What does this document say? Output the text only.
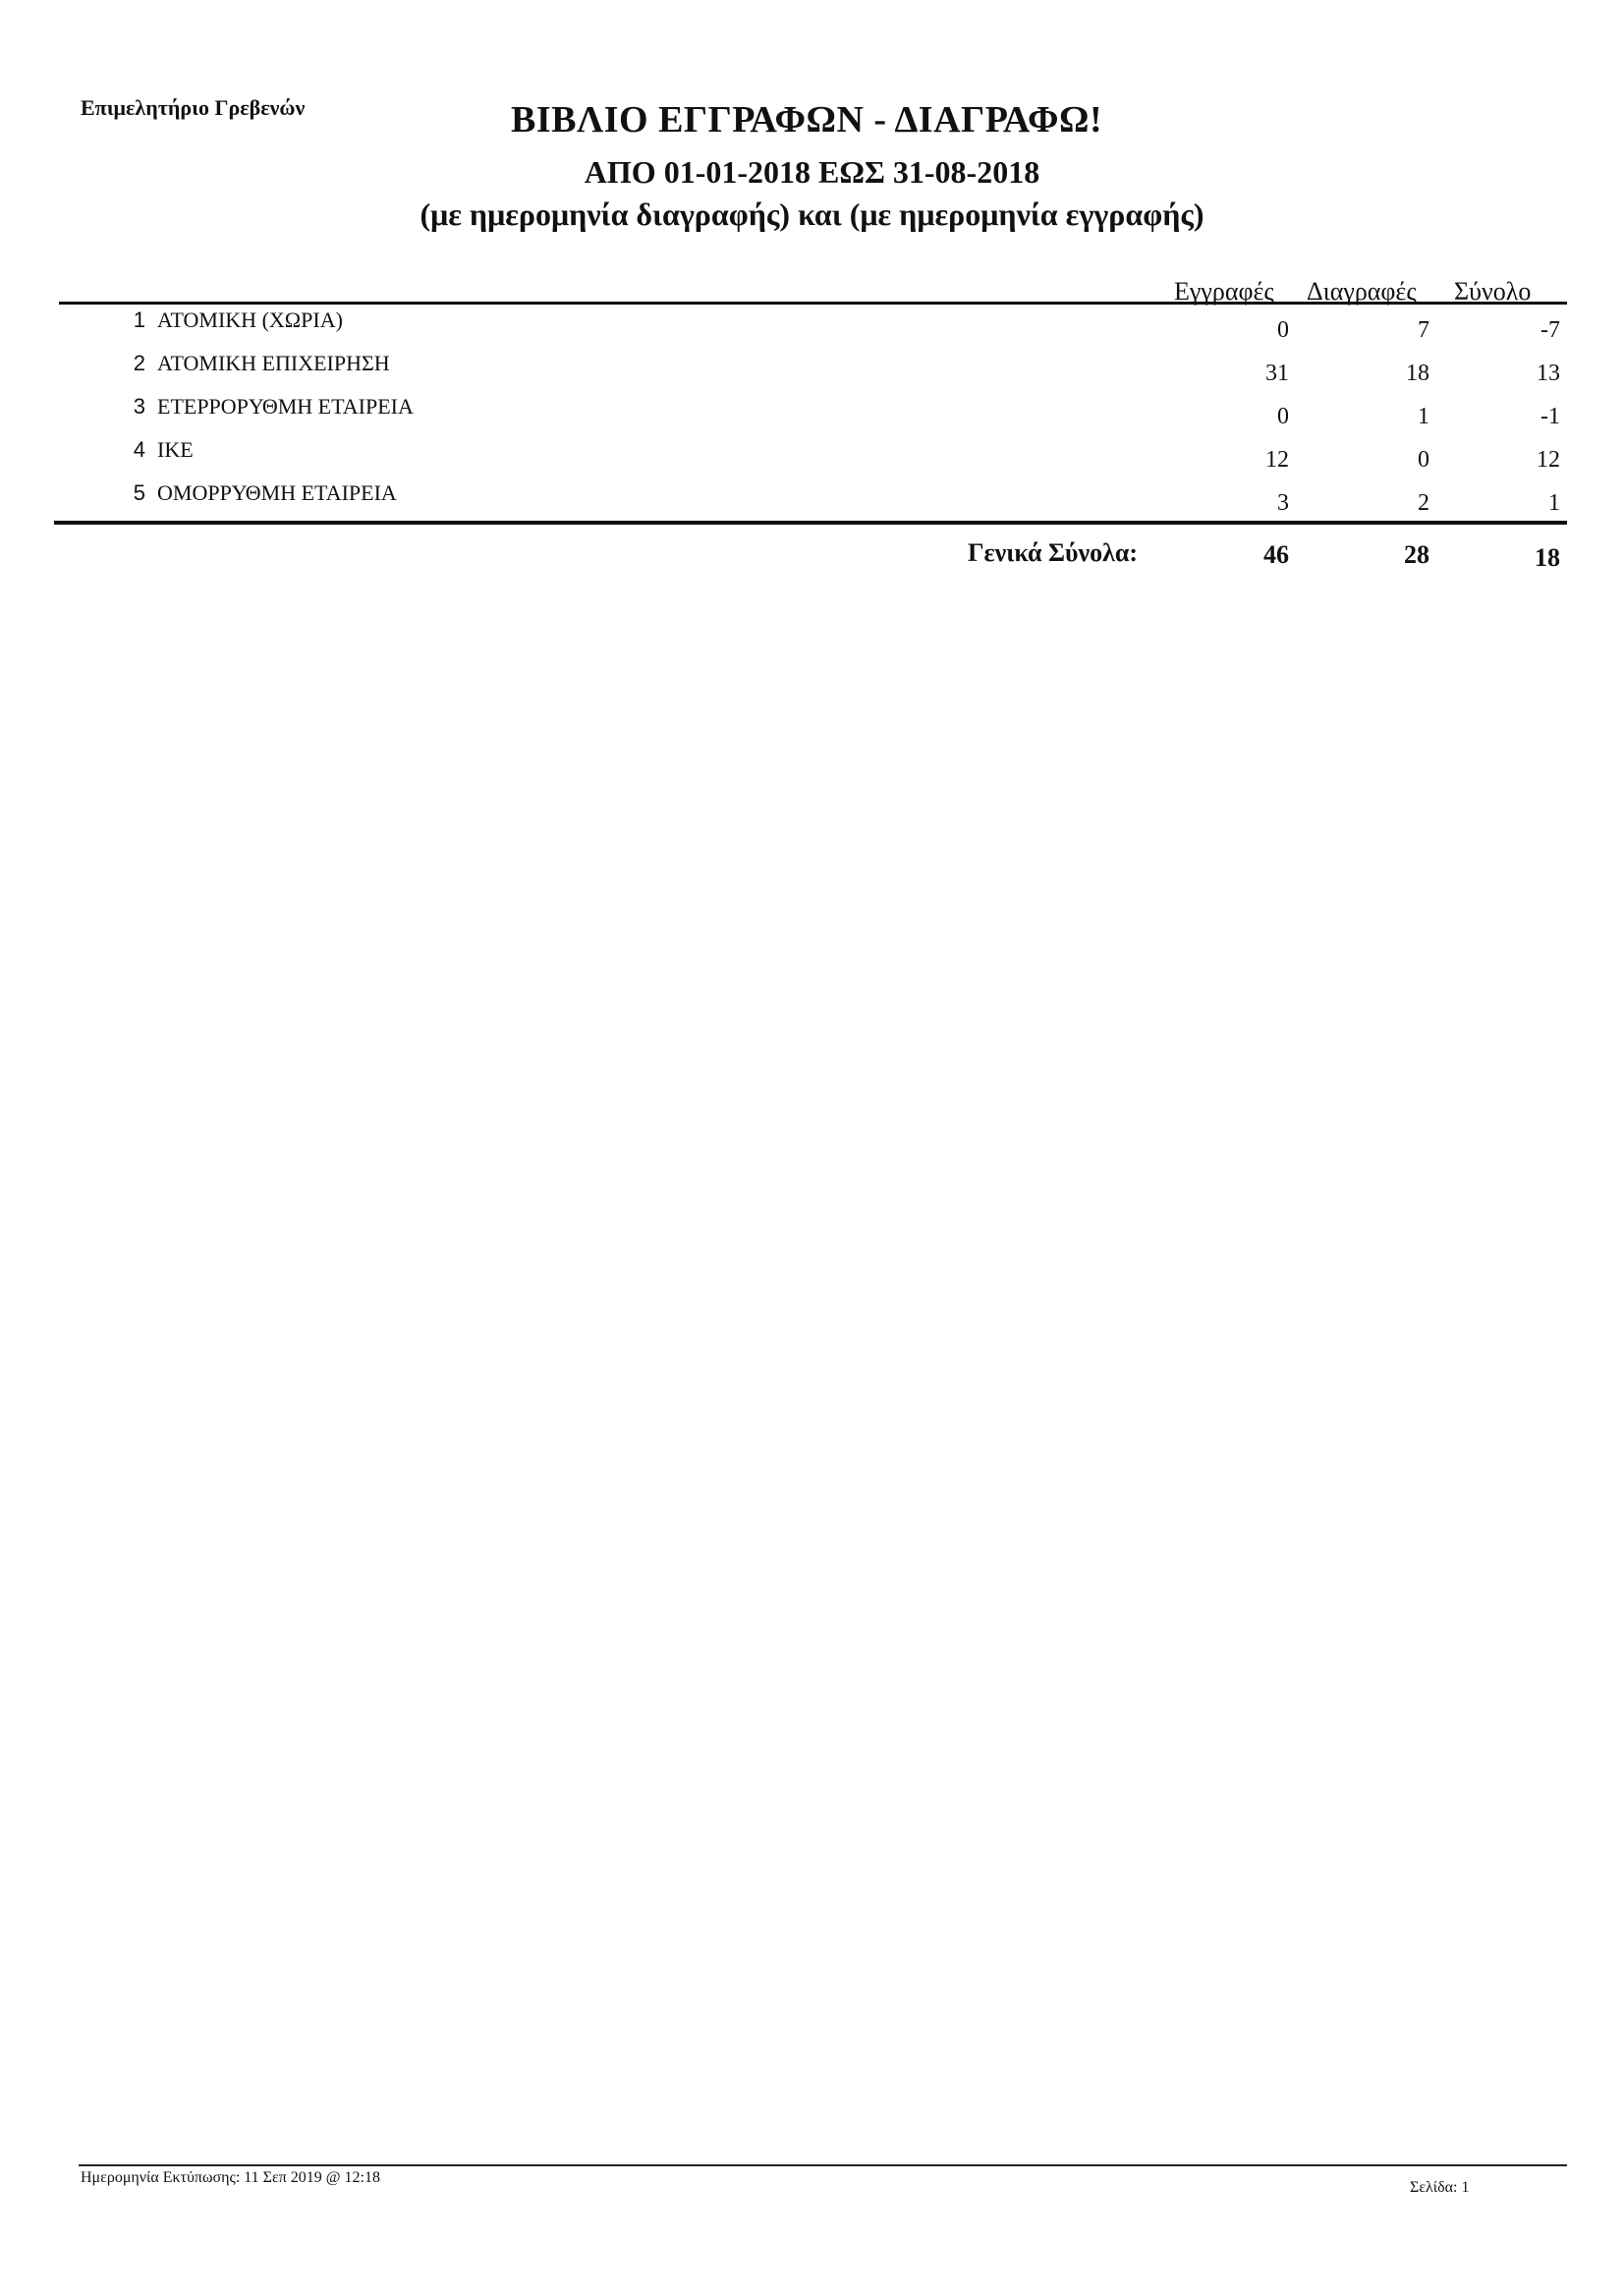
Επιμελητήριο Γρεβενών	ΒΙΒΛΙΟ ΕΓΓΡΑΦΩΝ - ΔΙΑΓΡΑΦΩ!
ΑΠΟ 01-01-2018 ΕΩΣ 31-08-2018
(με ημερομηνία διαγραφής) και (με ημερομηνία εγγραφής)
Εγγραφές Διαγραφές Σύνολο
1 ΑΤΟΜΙΚΗ (ΧΩΡΙΑ)	0	7	-7
2 ΑΤΟΜΙΚΗ ΕΠΙΧΕΙΡΗΣΗ	31	18	13
3 ΕΤΕΡΡΟΡΥΘΜΗ ΕΤΑΙΡΕΙΑ	0	1	-1
4 ΙΚΕ	12	0	12
5 ΟΜΟΡΡΥΘΜΗ ΕΤΑΙΡΕΙΑ	3	2	1
Γενικά Σύνολα:	46	28	18
Ημερομηνία Εκτύπωσης: 11 Σεπ 2019 @ 12:18
Σελίδα: 1
